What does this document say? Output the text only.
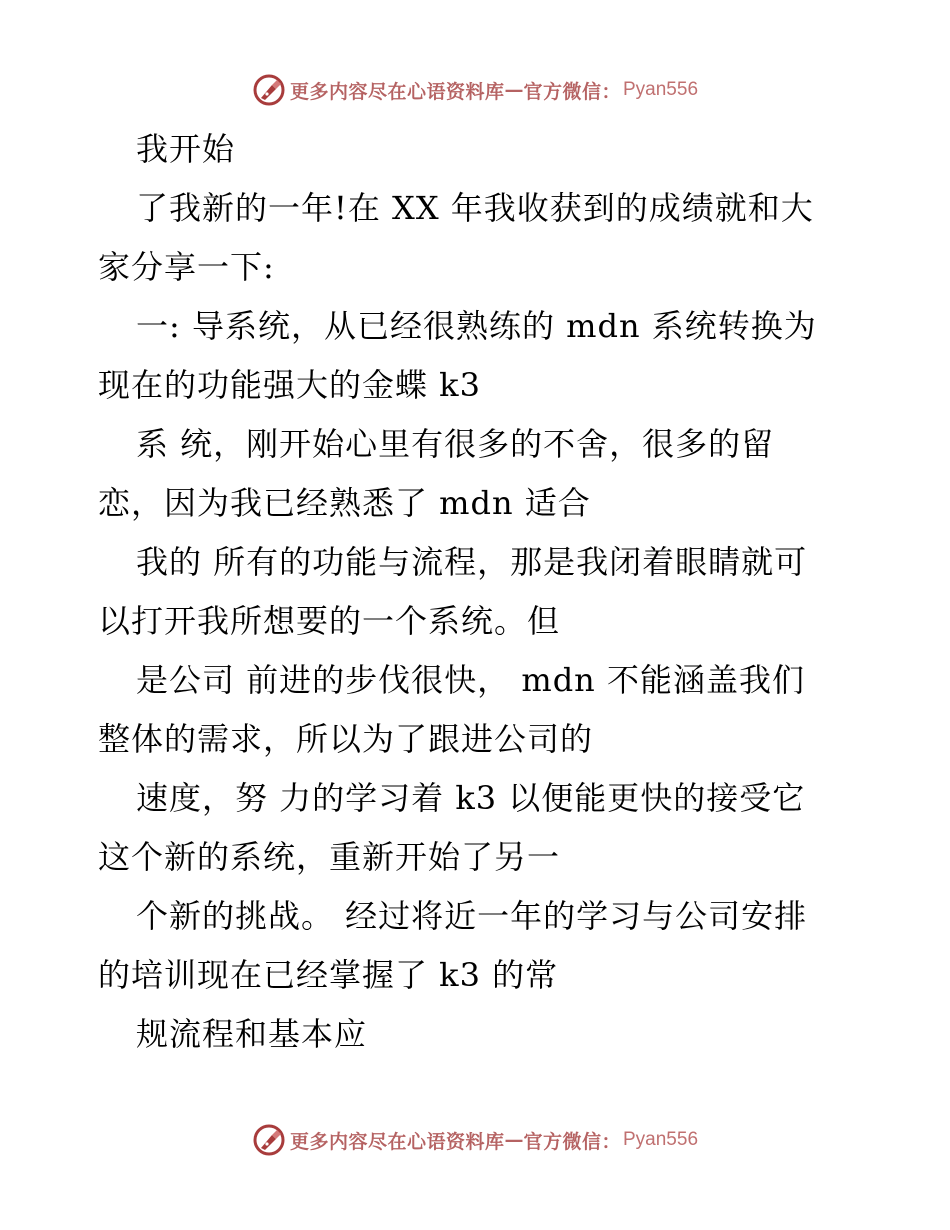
更多内容尽在心语资料库 — 官方微信： Pyan556
我开始
了我新的一年!在 XX 年我收获到的成绩就和大
家分享一下:
一: 导系统，从已经很熟练的 mdn 系统转换为
现在的功能强大的金蝶 k3
系 统，刚开始心里有很多的不舍，很多的留
恋，因为我已经熟悉了 mdn 适合
我的 所有的功能与流程，那是我闭着眼睛就可
以打开我所想要的一个系统。但
是公司 前进的步伐很快， mdn 不能涵盖我们
整体的需求，所以为了跟进公司的
速度，努 力的学习着 k3 以便能更快的接受它
这个新的系统，重新开始了另一
个新的挑战。 经过将近一年的学习与公司安排
的培训现在已经掌握了 k3 的常
规流程和基本应
更多内容尽在心语资料库 — 官方微信： Pyan556
